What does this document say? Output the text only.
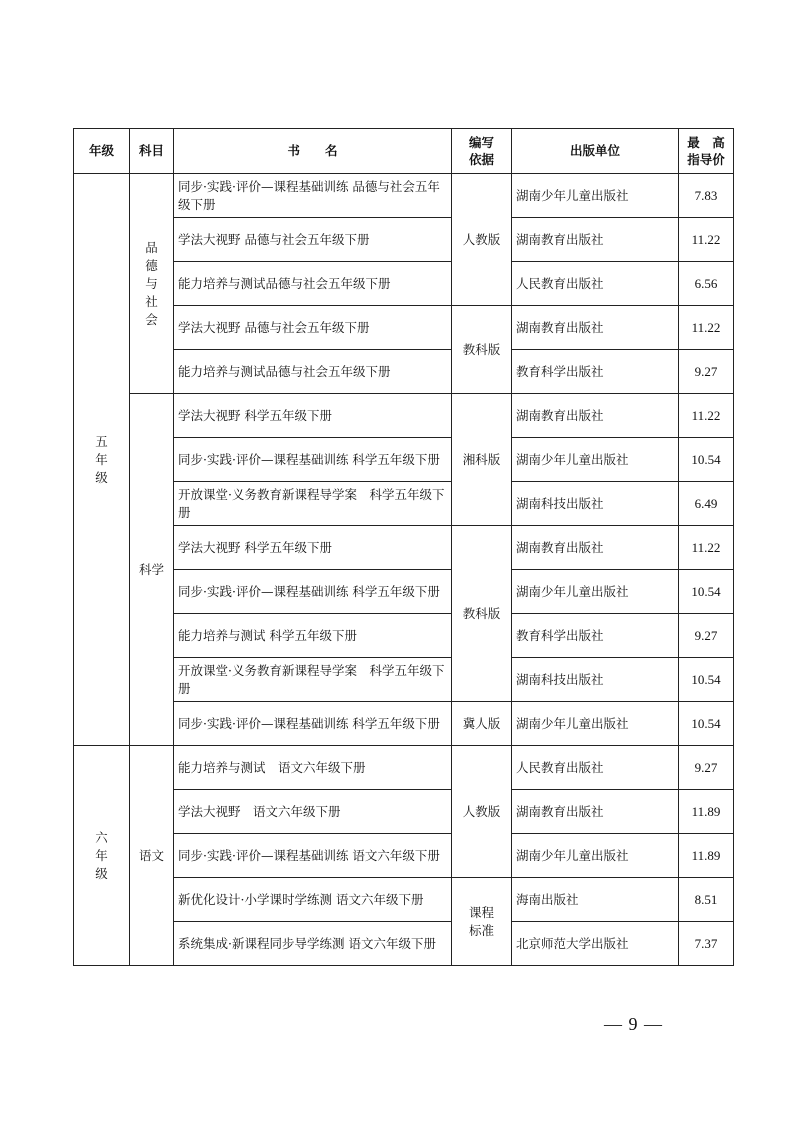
年级	科目	书　　名	编写依据	出版单位	最　高指导价
五年级	品德与社会	同步·实践·评价—课程基础训练 品德与社会五年级下册	人教版	湖南少年儿童出版社	7.83
		学法大视野 品德与社会五年级下册		湖南教育出版社	11.22
		能力培养与测试品德与社会五年级下册		人民教育出版社	6.56
		学法大视野 品德与社会五年级下册	教科版	湖南教育出版社	11.22
		能力培养与测试品德与社会五年级下册		教育科学出版社	9.27
	科学	学法大视野 科学五年级下册	湘科版	湖南教育出版社	11.22
		同步·实践·评价—课程基础训练 科学五年级下册		湖南少年儿童出版社	10.54
		开放课堂·义务教育新课程导学案　科学五年级下册		湖南科技出版社	6.49
		学法大视野 科学五年级下册	教科版	湖南教育出版社	11.22
		同步·实践·评价—课程基础训练 科学五年级下册		湖南少年儿童出版社	10.54
		能力培养与测试 科学五年级下册		教育科学出版社	9.27
		开放课堂·义务教育新课程导学案　科学五年级下册		湖南科技出版社	10.54
		同步·实践·评价—课程基础训练 科学五年级下册	冀人版	湖南少年儿童出版社	10.54
六年级	语文	能力培养与测试　语文六年级下册	人教版	人民教育出版社	9.27
		学法大视野　语文六年级下册		湖南教育出版社	11.89
		同步·实践·评价—课程基础训练 语文六年级下册		湖南少年儿童出版社	11.89
		新优化设计·小学课时学练测 语文六年级下册	课程标准	海南出版社	8.51
		系统集成·新课程同步导学练测 语文六年级下册		北京师范大学出版社	7.37
— 9 —
